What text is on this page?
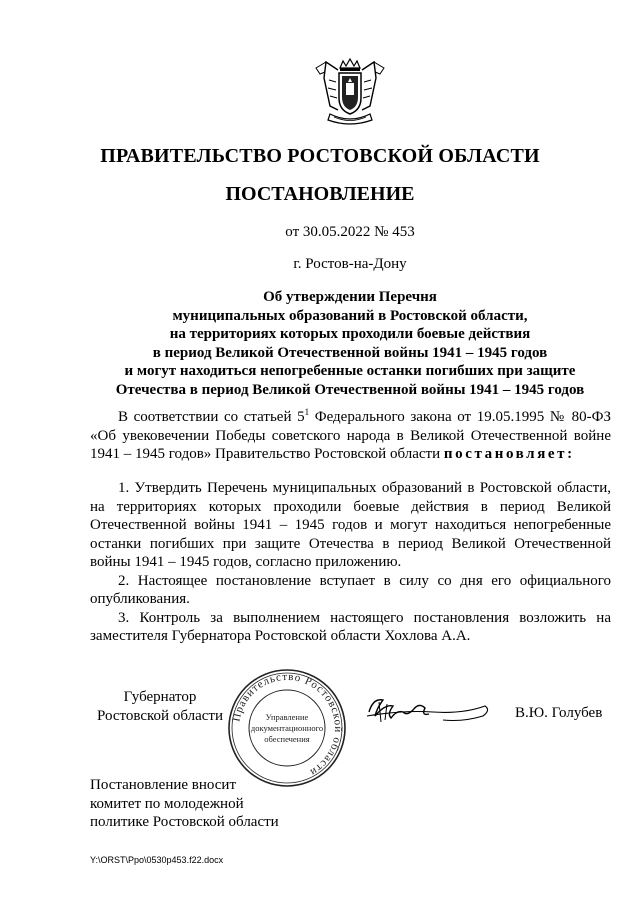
ПРАВИТЕЛЬСТВО РОСТОВСКОЙ ОБЛАСТИ
ПОСТАНОВЛЕНИЕ
от 30.05.2022 № 453
г. Ростов-на-Дону
Об утверждении Перечня
муниципальных образований в Ростовской области,
на территориях которых проходили боевые действия
в период Великой Отечественной войны 1941 – 1945 годов
и могут находиться непогребенные останки погибших при защите
Отечества в период Великой Отечественной войны 1941 – 1945 годов

В соответствии со статьей $5^1$ Федерального закона от 19.05.1995 № 80-ФЗ «Об увековечении Победы советского народа в Великой Отечественной войне 1941 – 1945 годов» Правительство Ростовской области постановляет:

1. Утвердить Перечень муниципальных образований в Ростовской области, на территориях которых проходили боевые действия в период Великой Отечественной войны 1941 – 1945 годов и могут находиться непогребенные останки погибших при защите Отечества в период Великой Отечественной войны 1941 – 1945 годов, согласно приложению.

2. Настоящее постановление вступает в силу со дня его официального опубликования.

3. Контроль за выполнением настоящего постановления возложить на заместителя Губернатора Ростовской области Хохлова А.А.

Губернатор
Ростовской области Правительство Ростовской области
Управление
документационного
обеспечения
В.Ю. Голубев
Постановление вносит
комитет по молодежной
политике Ростовской области
Y:\ORST\Ppo\0530p453.f22.docx
